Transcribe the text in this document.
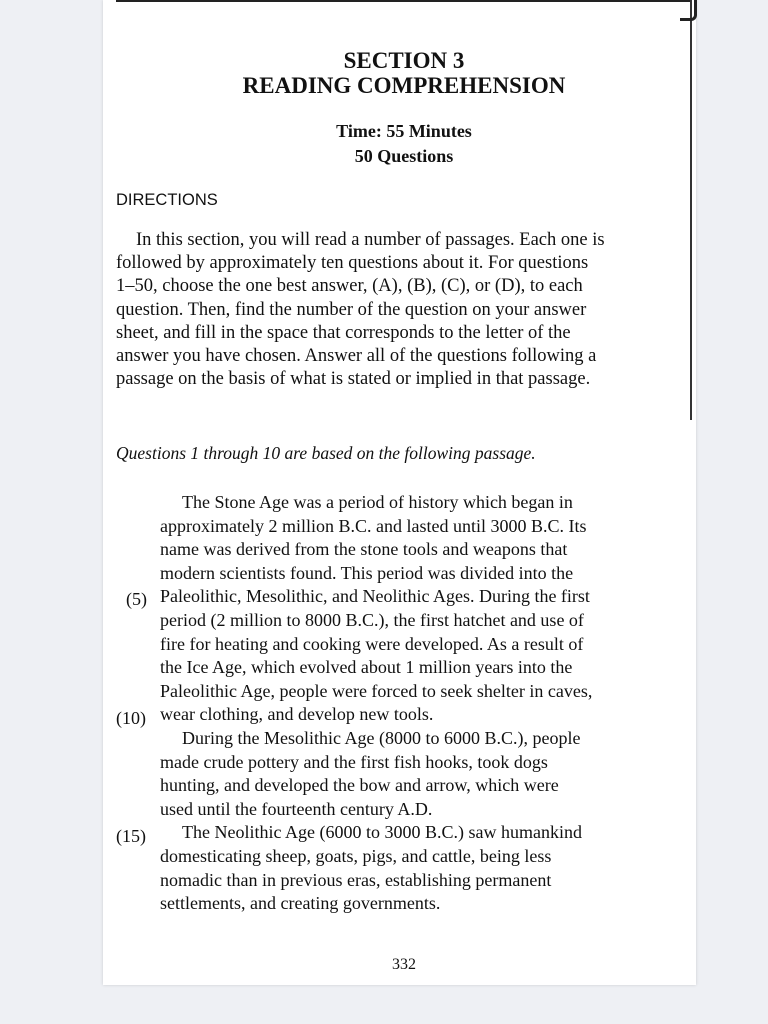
SECTION 3
READING COMPREHENSION
Time: 55 Minutes
50 Questions
DIRECTIONS
In this section, you will read a number of passages. Each one is
followed by approximately ten questions about it. For questions
1–50, choose the one best answer, (A), (B), (C), or (D), to each
question. Then, find the number of the question on your answer
sheet, and fill in the space that corresponds to the letter of the
answer you have chosen. Answer all of the questions following a
passage on the basis of what is stated or implied in that passage.
Questions 1 through 10 are based on the following passage.
The Stone Age was a period of history which began in
approximately 2 million B.C. and lasted until 3000 B.C. Its
name was derived from the stone tools and weapons that
modern scientists found. This period was divided into the
Paleolithic, Mesolithic, and Neolithic Ages. During the first
period (2 million to 8000 B.C.), the first hatchet and use of
fire for heating and cooking were developed. As a result of
the Ice Age, which evolved about 1 million years into the
Paleolithic Age, people were forced to seek shelter in caves,
wear clothing, and develop new tools.
During the Mesolithic Age (8000 to 6000 B.C.), people
made crude pottery and the first fish hooks, took dogs
hunting, and developed the bow and arrow, which were
used until the fourteenth century A.D.
The Neolithic Age (6000 to 3000 B.C.) saw humankind
domesticating sheep, goats, pigs, and cattle, being less
nomadic than in previous eras, establishing permanent
settlements, and creating governments.
(5)
(10)
(15)
332
